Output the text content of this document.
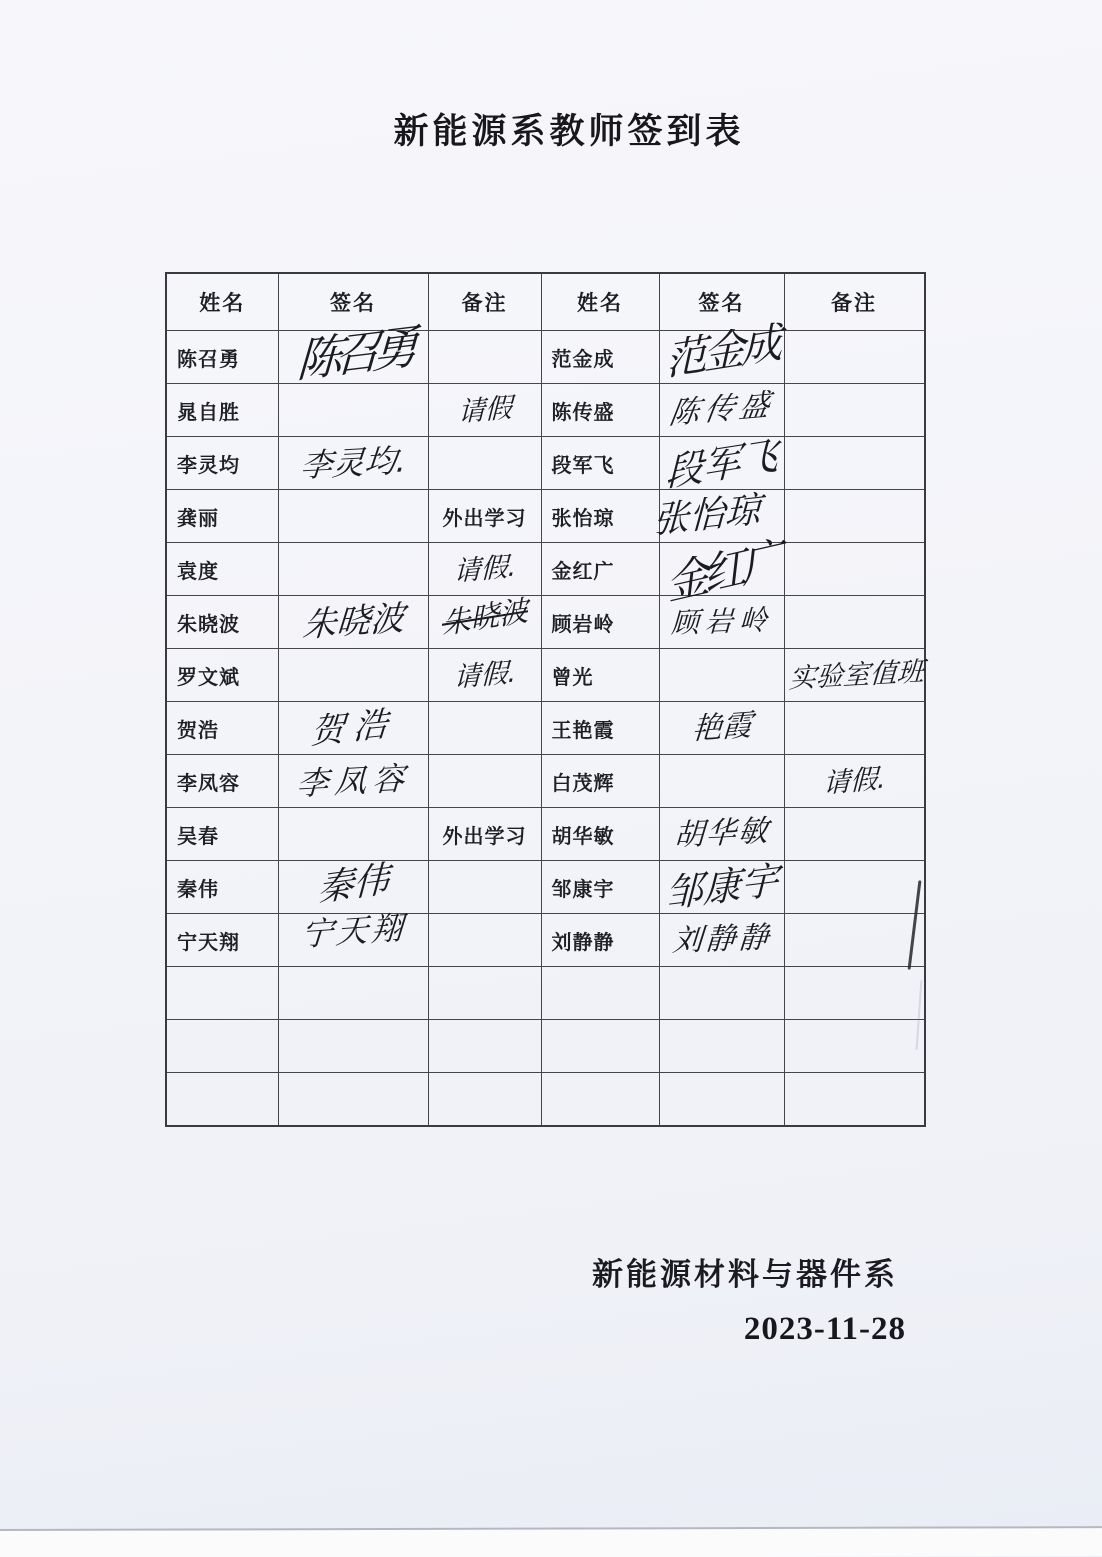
新能源系教师签到表
姓名	签名	备注	姓名	签名	备注
陈召勇	陈召勇		范金成	范金成	

晁自胜		请假	陈传盛	陈传盛	

李灵均	李灵均.		段军飞	段军飞	

龚丽		外出学习	张怡琼	张怡琼	

袁度		请假.	金红广	金红广	

朱晓波	朱晓波	朱晓波	顾岩岭	顾岩岭	

罗文斌		请假.	曾光		实验室值班

贺浩	贺浩		王艳霞	艳霞	

李凤容	李凤容		白茂辉		请假.

吴春		外出学习	胡华敏	胡华敏	

秦伟	秦伟		邹康宇	邹康宇	

宁天翔	宁天翔		刘静静	刘静静	

新能源材料与器件系
2023-11-28
